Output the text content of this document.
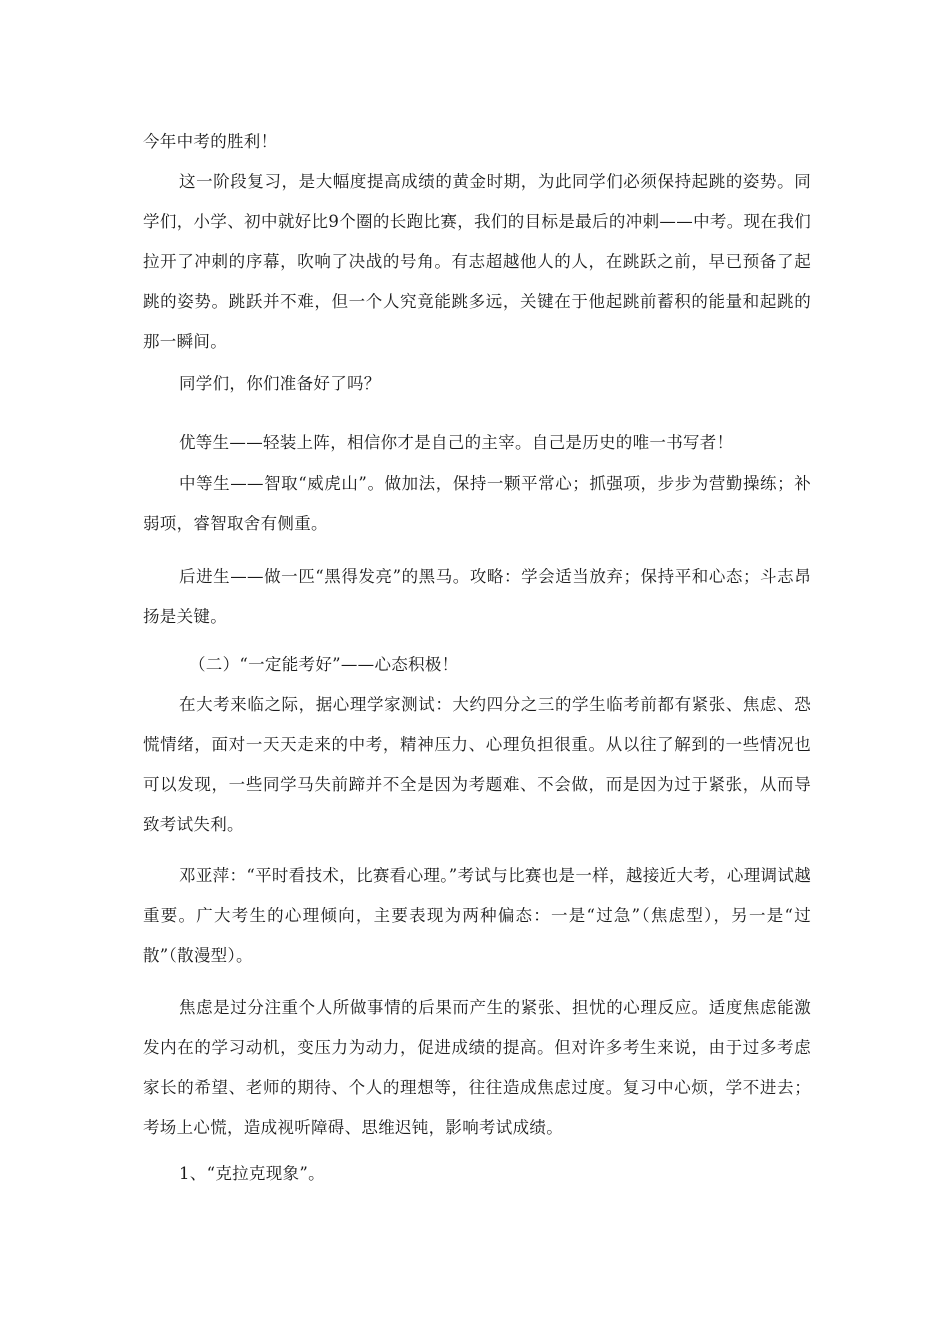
今年中考的胜利！

这一阶段复习，是大幅度提高成绩的黄金时期，为此同学们必须保持起跳的姿势。同学们，小学、初中就好比9个圈的长跑比赛，我们的目标是最后的冲刺——中考。现在我们拉开了冲刺的序幕，吹响了决战的号角。有志超越他人的人，在跳跃之前，早已预备了起跳的姿势。跳跃并不难，但一个人究竟能跳多远，关键在于他起跳前蓄积的能量和起跳的那一瞬间。

同学们，你们准备好了吗？

优等生——轻装上阵，相信你才是自己的主宰。自己是历史的唯一书写者！

中等生——智取“威虎山”。做加法，保持一颗平常心；抓强项，步步为营勤操练；补弱项，睿智取舍有侧重。

后进生——做一匹“黑得发亮”的黑马。攻略：学会适当放弃；保持平和心态；斗志昂扬是关键。

（二）“一定能考好”——心态积极！

在大考来临之际，据心理学家测试：大约四分之三的学生临考前都有紧张、焦虑、恐慌情绪，面对一天天走来的中考，精神压力、心理负担很重。从以往了解到的一些情况也可以发现，一些同学马失前蹄并不全是因为考题难、不会做，而是因为过于紧张，从而导致考试失利。

邓亚萍：“平时看技术，比赛看心理。”考试与比赛也是一样，越接近大考，心理调试越重要。广大考生的心理倾向，主要表现为两种偏态：一是“过急”（焦虑型），另一是“过散”（散漫型）。

焦虑是过分注重个人所做事情的后果而产生的紧张、担忧的心理反应。适度焦虑能激发内在的学习动机，变压力为动力，促进成绩的提高。但对许多考生来说，由于过多考虑家长的希望、老师的期待、个人的理想等，往往造成焦虑过度。复习中心烦，学不进去；考场上心慌，造成视听障碍、思维迟钝，影响考试成绩。

1、“克拉克现象”。
